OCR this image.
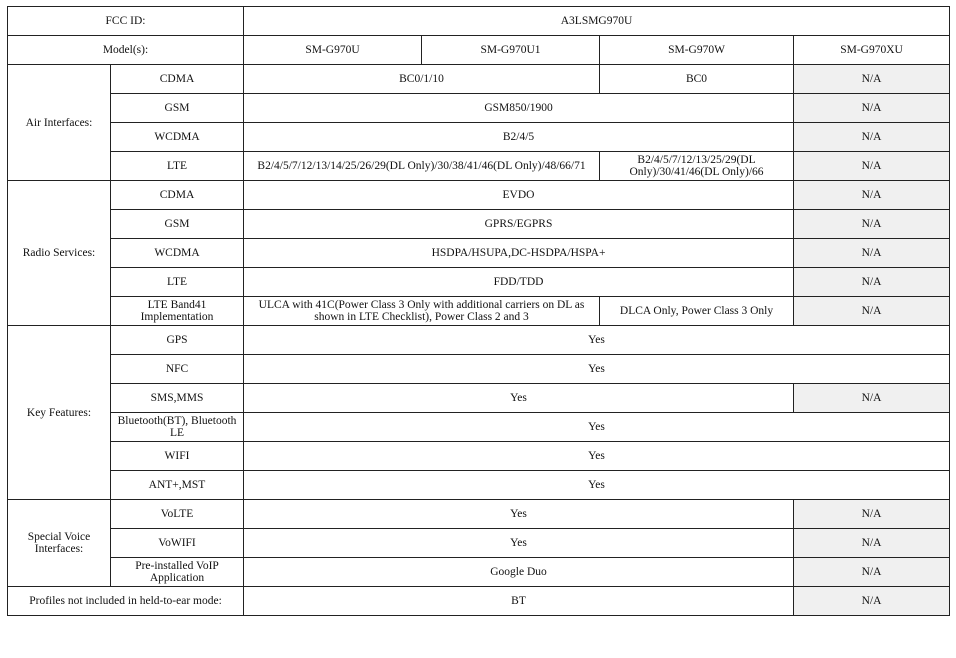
FCC ID:		A3LSMG970U			
Model(s):		SM-G970U	SM-G970U1	SM-G970W	SM-G970XU
Air Interfaces:	CDMA	BC0/1/10		BC0	N/A
	GSM	GSM850/1900			N/A
	WCDMA	B2/4/5			N/A
	LTE	B2/4/5/7/12/13/14/25/26/29(DL Only)/30/38/41/46(DL Only)/48/66/71		B2/4/5/7/12/13/25/29(DL Only)/30/41/46(DL Only)/66	N/A
Radio Services:	CDMA	EVDO			N/A
	GSM	GPRS/EGPRS			N/A
	WCDMA	HSDPA/HSUPA,DC-HSDPA/HSPA+			N/A
	LTE	FDD/TDD			N/A
	LTE Band41 Implementation	ULCA with 41C(Power Class 3 Only with additional carriers on DL as shown in LTE Checklist), Power Class 2 and 3		DLCA Only, Power Class 3 Only	N/A
Key Features:	GPS	Yes			
	NFC	Yes			
	SMS,MMS	Yes			N/A
	Bluetooth(BT), Bluetooth LE	Yes			
	WIFI	Yes			
	ANT+,MST	Yes			
Special Voice Interfaces:	VoLTE	Yes			N/A
	VoWIFI	Yes			N/A
	Pre-installed VoIP Application	Google Duo			N/A
Profiles not included in held-to-ear mode:		BT			N/A
